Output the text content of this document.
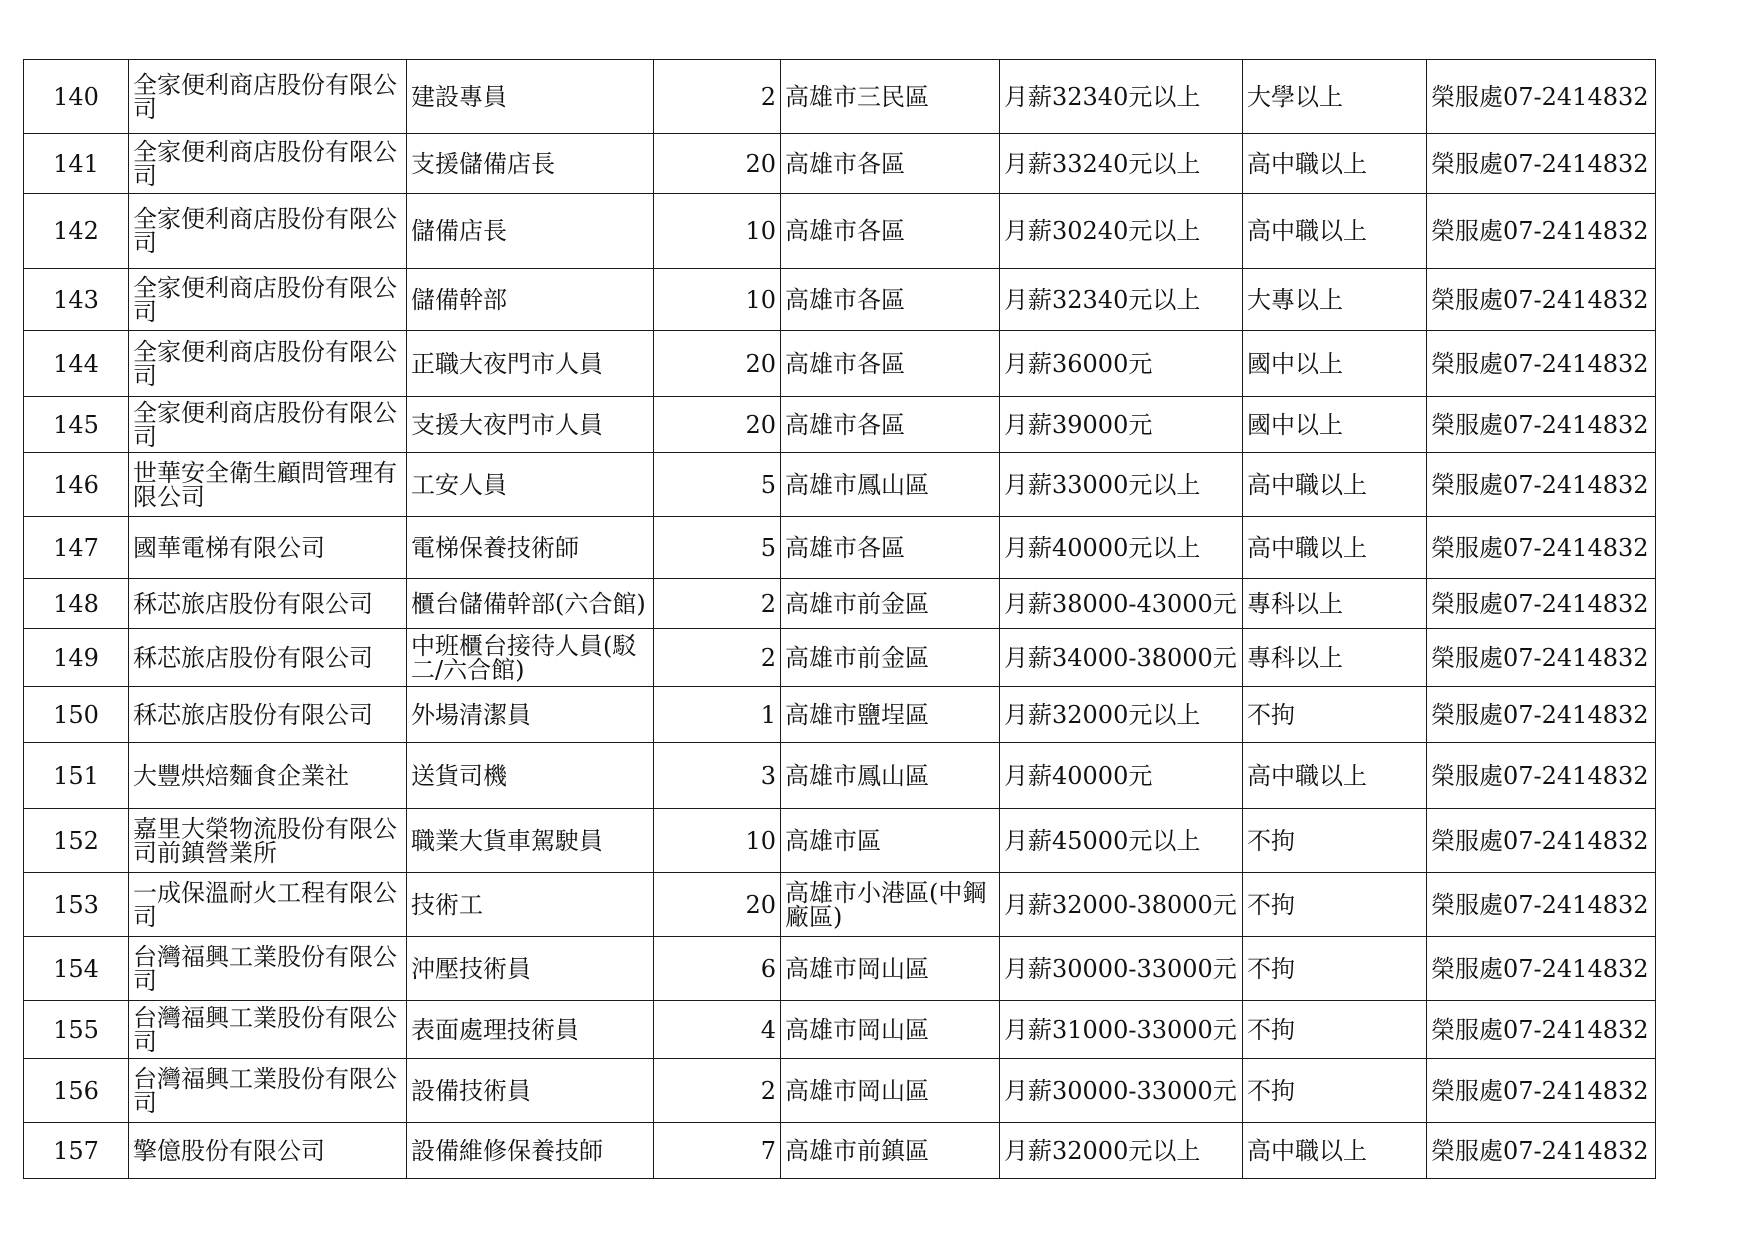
140	全家便利商店股份有限公司	建設專員	2	高雄市三民區	月薪32340元以上	大學以上	榮服處07-2414832
141	全家便利商店股份有限公司	支援儲備店長	20	高雄市各區	月薪33240元以上	高中職以上	榮服處07-2414832
142	全家便利商店股份有限公司	儲備店長	10	高雄市各區	月薪30240元以上	高中職以上	榮服處07-2414832
143	全家便利商店股份有限公司	儲備幹部	10	高雄市各區	月薪32340元以上	大專以上	榮服處07-2414832
144	全家便利商店股份有限公司	正職大夜門市人員	20	高雄市各區	月薪36000元	國中以上	榮服處07-2414832
145	全家便利商店股份有限公司	支援大夜門市人員	20	高雄市各區	月薪39000元	國中以上	榮服處07-2414832
146	世華安全衛生顧問管理有限公司	工安人員	5	高雄市鳳山區	月薪33000元以上	高中職以上	榮服處07-2414832
147	國華電梯有限公司	電梯保養技術師	5	高雄市各區	月薪40000元以上	高中職以上	榮服處07-2414832
148	秝芯旅店股份有限公司	櫃台儲備幹部(六合館)	2	高雄市前金區	月薪38000-43000元	專科以上	榮服處07-2414832
149	秝芯旅店股份有限公司	中班櫃台接待人員(駁二/六合館)	2	高雄市前金區	月薪34000-38000元	專科以上	榮服處07-2414832
150	秝芯旅店股份有限公司	外場清潔員	1	高雄市鹽埕區	月薪32000元以上	不拘	榮服處07-2414832
151	大豐烘焙麵食企業社	送貨司機	3	高雄市鳳山區	月薪40000元	高中職以上	榮服處07-2414832
152	嘉里大榮物流股份有限公司前鎮營業所	職業大貨車駕駛員	10	高雄市區	月薪45000元以上	不拘	榮服處07-2414832
153	一成保溫耐火工程有限公司	技術工	20	高雄市小港區(中鋼廠區)	月薪32000-38000元	不拘	榮服處07-2414832
154	台灣福興工業股份有限公司	沖壓技術員	6	高雄市岡山區	月薪30000-33000元	不拘	榮服處07-2414832
155	台灣福興工業股份有限公司	表面處理技術員	4	高雄市岡山區	月薪31000-33000元	不拘	榮服處07-2414832
156	台灣福興工業股份有限公司	設備技術員	2	高雄市岡山區	月薪30000-33000元	不拘	榮服處07-2414832
157	擎億股份有限公司	設備維修保養技師	7	高雄市前鎮區	月薪32000元以上	高中職以上	榮服處07-2414832
